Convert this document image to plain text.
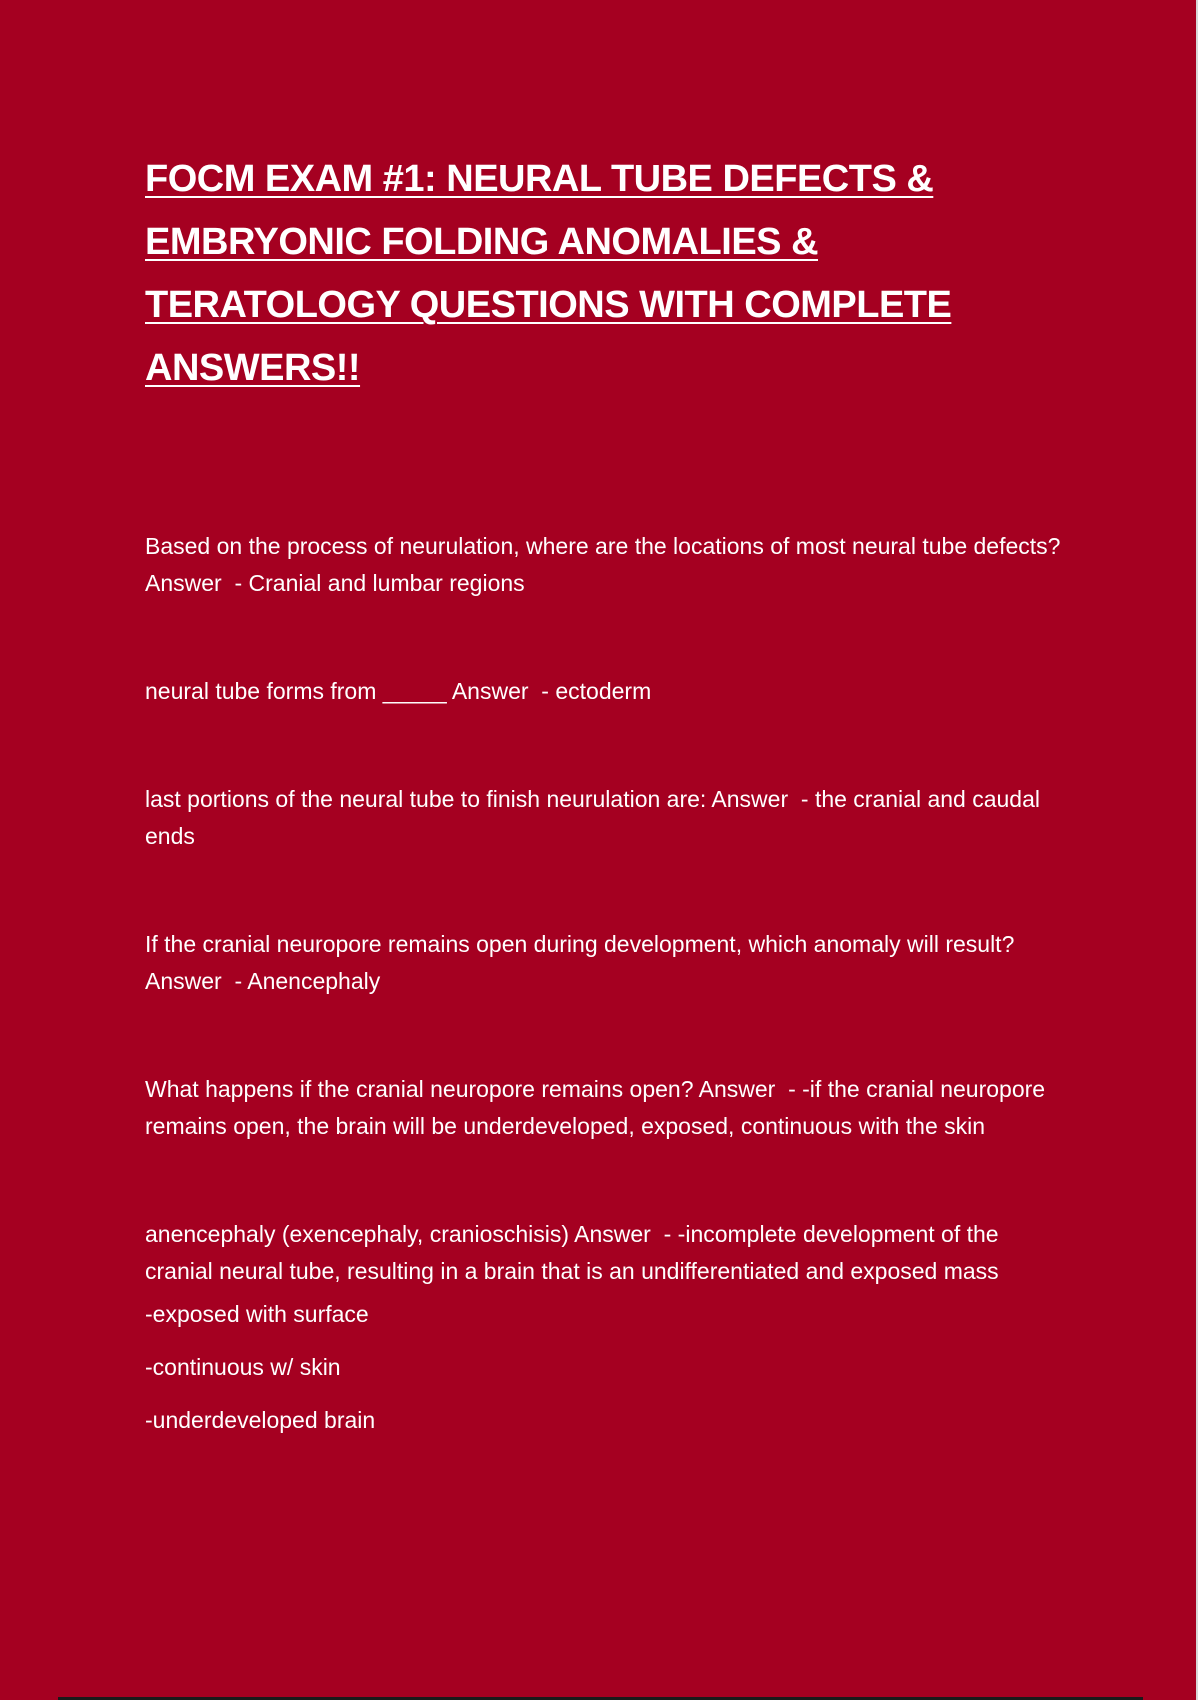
FOCM EXAM #1: NEURAL TUBE DEFECTS & EMBRYONIC FOLDING ANOMALIES & TERATOLOGY QUESTIONS WITH COMPLETE ANSWERS!!

Based on the process of neurulation, where are the locations of most neural tube defects? Answer  - Cranial and lumbar regions

neural tube forms from _____ Answer  - ectoderm

last portions of the neural tube to finish neurulation are: Answer  - the cranial and caudal ends

If the cranial neuropore remains open during development, which anomaly will result? Answer  - Anencephaly

What happens if the cranial neuropore remains open? Answer  - -if the cranial neuropore remains open, the brain will be underdeveloped, exposed, continuous with the skin

anencephaly (exencephaly, cranioschisis) Answer  - -incomplete development of the cranial neural tube, resulting in a brain that is an undifferentiated and exposed mass

-exposed with surface

-continuous w/ skin

-underdeveloped brain
